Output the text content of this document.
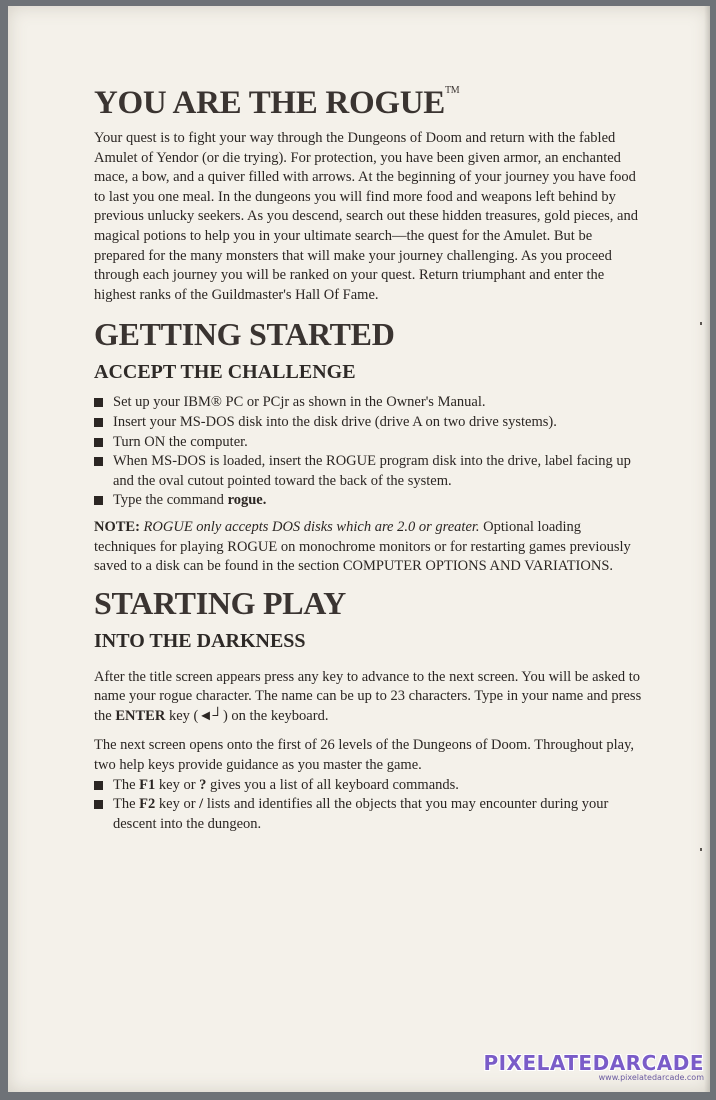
YOU ARE THE ROGUE™

Your quest is to fight your way through the Dungeons of Doom and return with the fabled Amulet of Yendor (or die trying). For protection, you have been given armor, an enchanted mace, a bow, and a quiver filled with arrows. At the beginning of your journey you have food to last you one meal. In the dungeons you will find more food and weapons left behind by previous unlucky seekers. As you descend, search out these hidden treasures, gold pieces, and magical potions to help you in your ultimate search—the quest for the Amulet. But be prepared for the many monsters that will make your journey challenging. As you proceed through each journey you will be ranked on your quest. Return triumphant and enter the highest ranks of the Guildmaster's Hall Of Fame.

GETTING STARTED
ACCEPT THE CHALLENGE
Set up your IBM® PC or PCjr as shown in the Owner's Manual.
Insert your MS-DOS disk into the disk drive (drive A on two drive systems).
Turn ON the computer.
When MS-DOS is loaded, insert the ROGUE program disk into the drive, label facing up and the oval cutout pointed toward the back of the system.
Type the command rogue.

NOTE: ROGUE only accepts DOS disks which are 2.0 or greater. Optional loading techniques for playing ROGUE on monochrome monitors or for restarting games previously saved to a disk can be found in the section COMPUTER OPTIONS AND VARIATIONS.

STARTING PLAY
INTO THE DARKNESS

After the title screen appears press any key to advance to the next screen. You will be asked to name your rogue character. The name can be up to 23 characters. Type in your name and press the ENTER key (◄┘) on the keyboard.

The next screen opens onto the first of 26 levels of the Dungeons of Doom. Throughout play, two help keys provide guidance as you master the game.

The F1 key or ? gives you a list of all keyboard commands.
The F2 key or / lists and identifies all the objects that you may encounter during your descent into the dungeon.
PIXELATEDARCADE
www.pixelatedarcade.com
